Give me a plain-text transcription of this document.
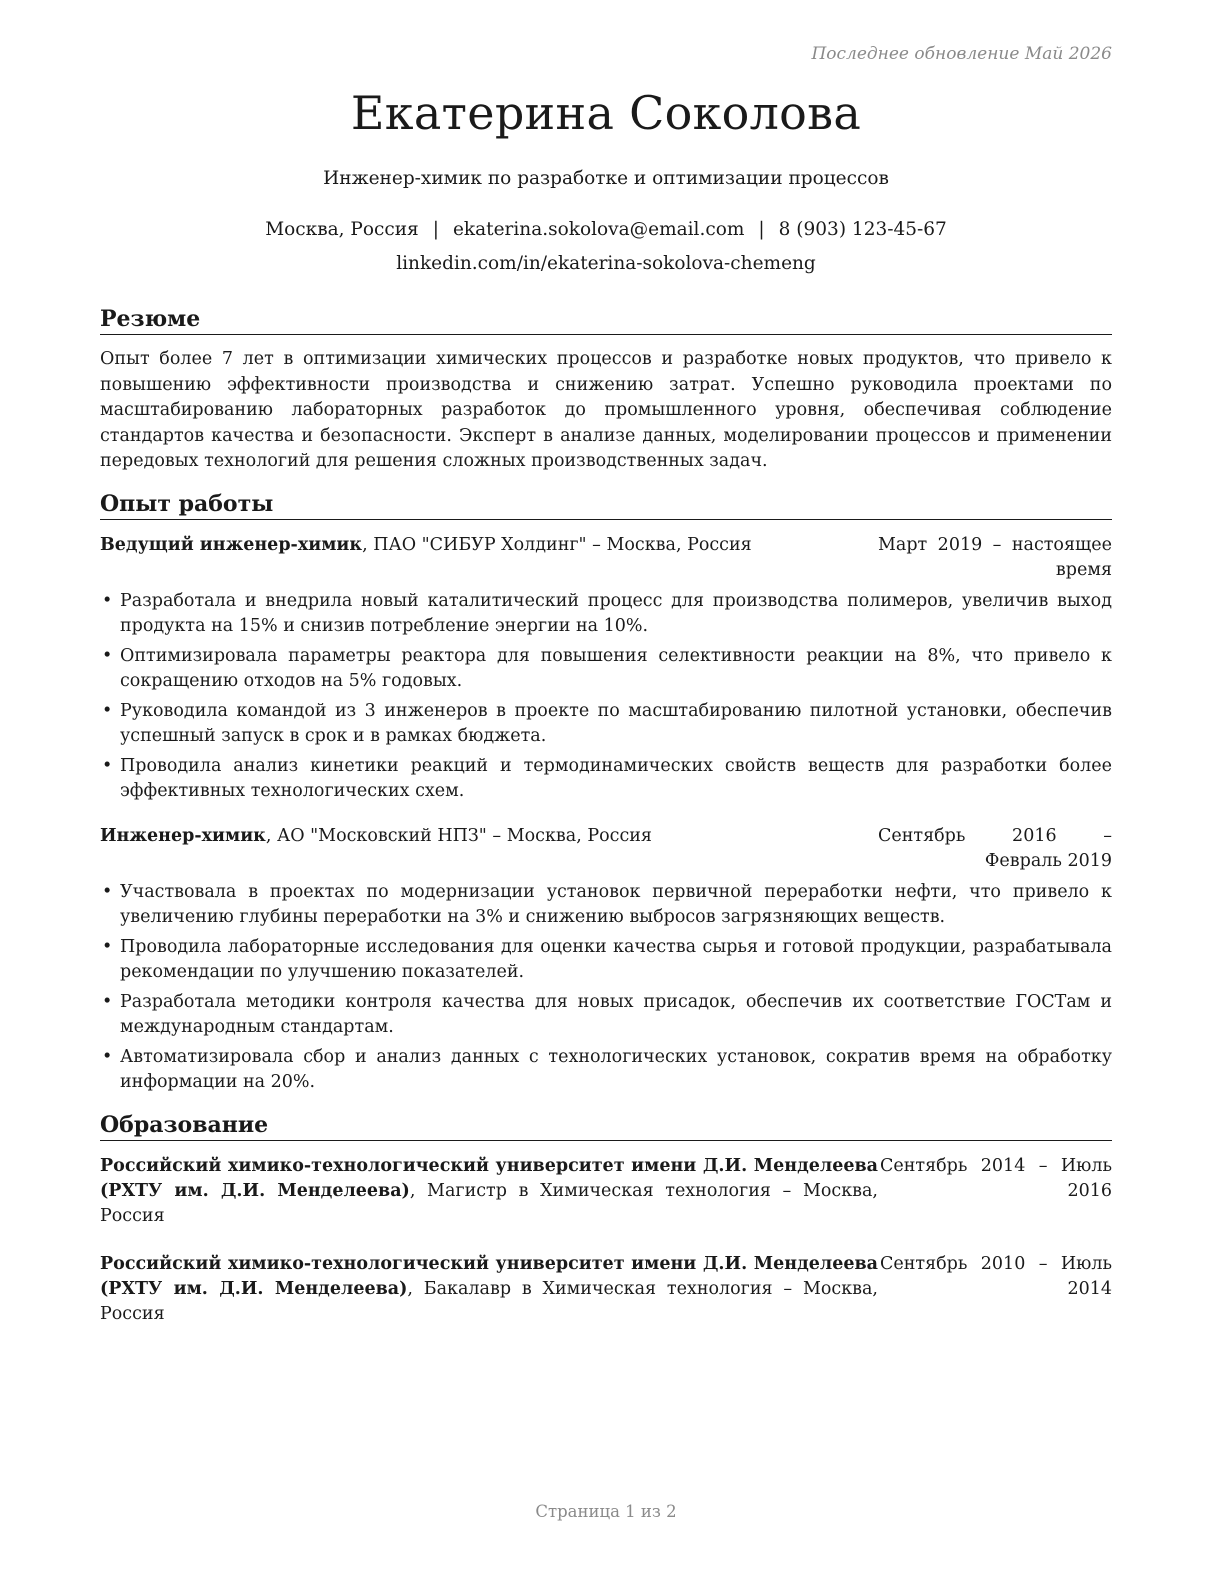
Последнее обновление Май 2026
Екатерина Соколова
Инженер-химик по разработке и оптимизации процессов
Москва, Россия | ekaterina.sokolova@email.com | 8 (903) 123-45-67
linkedin.com/in/ekaterina-sokolova-chemeng
Резюме
Опыт более 7 лет в оптимизации химических процессов и разработке новых продуктов, что привело к повышению эффективности производства и снижению затрат. Успешно руководила проектами по масштабированию лабораторных разработок до промышленного уровня, обеспечивая соблюдение стандартов качества и безопасности. Эксперт в анализе данных, моделировании процессов и применении передовых технологий для решения сложных производственных задач.
Опыт работы
Ведущий инженер-химик, ПАО "СИБУР Холдинг" – Москва, Россия	Март 2019 – настоящее время
• Разработала и внедрила новый каталитический процесс для производства полимеров, увеличив выход продукта на 15% и снизив потребление энергии на 10%.
• Оптимизировала параметры реактора для повышения селективности реакции на 8%, что привело к сокращению отходов на 5% годовых.
• Руководила командой из 3 инженеров в проекте по масштабированию пилотной установки, обеспечив успешный запуск в срок и в рамках бюджета.
• Проводила анализ кинетики реакций и термодинамических свойств веществ для разработки более эффективных технологических схем.
Инженер-химик, АО "Московский НПЗ" – Москва, Россия	Сентябрь 2016 – Февраль 2019
• Участвовала в проектах по модернизации установок первичной переработки нефти, что привело к увеличению глубины переработки на 3% и снижению выбросов загрязняющих веществ.
• Проводила лабораторные исследования для оценки качества сырья и готовой продукции, разрабатывала рекомендации по улучшению показателей.
• Разработала методики контроля качества для новых присадок, обеспечив их соответствие ГОСТам и международным стандартам.
• Автоматизировала сбор и анализ данных с технологических установок, сократив время на обработку информации на 20%.
Образование
Российский химико-технологический университет имени Д.И. Менделеева (РХТУ им. Д.И. Менделеева), Магистр в Химическая технология – Москва, Россия
Сентябрь 2014 – Июль 2016
Российский химико-технологический университет имени Д.И. Менделеева (РХТУ им. Д.И. Менделеева), Бакалавр в Химическая технология – Москва, Россия
Сентябрь 2010 – Июль 2014
Страница 1 из 2
